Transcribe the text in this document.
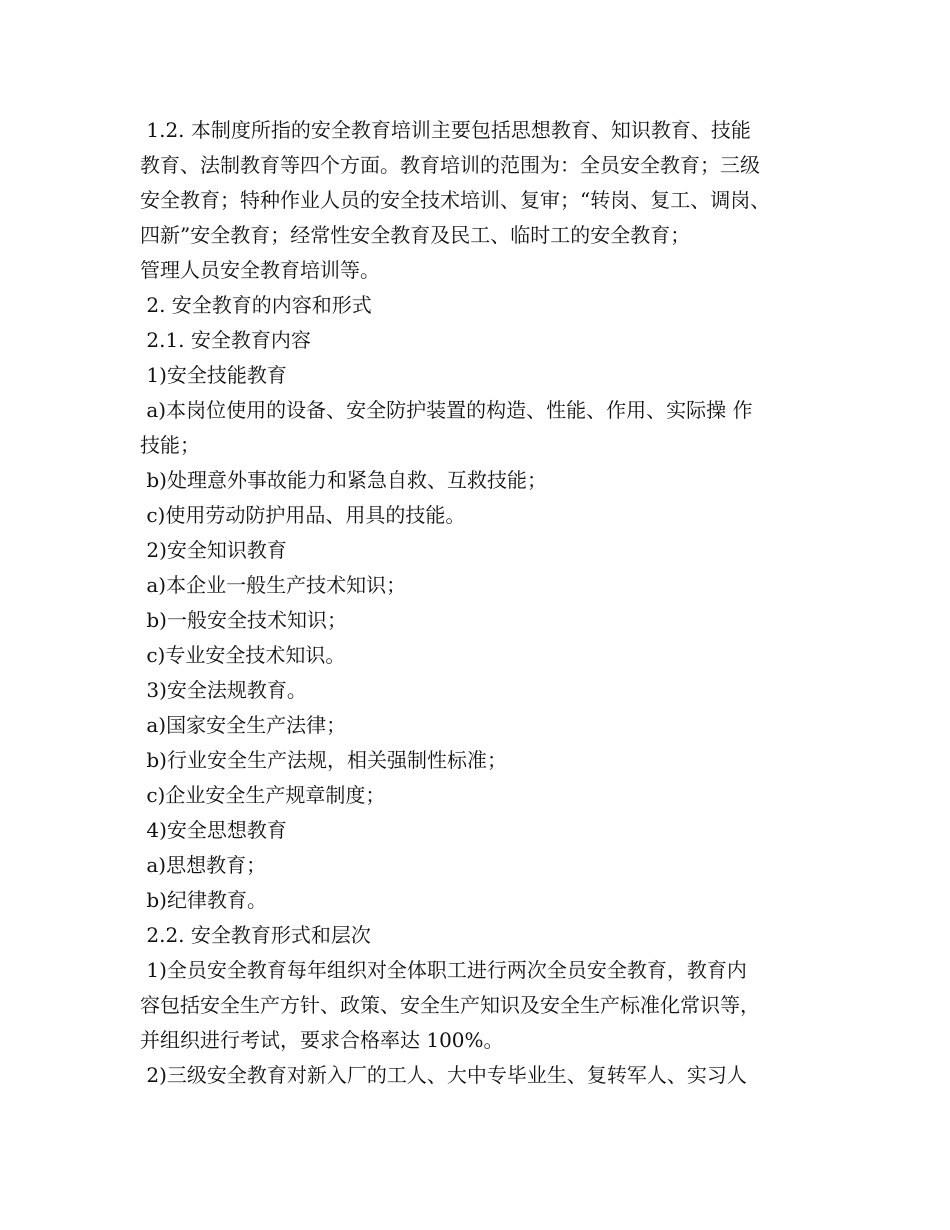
1.2. 本制度所指的安全教育培训主要包括思想教育、知识教育、技能
教育、法制教育等四个方面。教育培训的范围为：全员安全教育；三级
安全教育；特种作业人员的安全技术培训、复审；“转岗、复工、调岗、
四新”安全教育；经常性安全教育及民工、临时工的安全教育；
管理人员安全教育培训等。
2. 安全教育的内容和形式
2.1. 安全教育内容
1)安全技能教育
a)本岗位使用的设备、安全防护装置的构造、性能、作用、实际操 作
技能；
b)处理意外事故能力和紧急自救、互救技能；
c)使用劳动防护用品、用具的技能。
2)安全知识教育
a)本企业一般生产技术知识；
b)一般安全技术知识；
c)专业安全技术知识。
3)安全法规教育。
a)国家安全生产法律；
b)行业安全生产法规，相关强制性标准；
c)企业安全生产规章制度；
4)安全思想教育
a)思想教育；
b)纪律教育。
2.2. 安全教育形式和层次
1)全员安全教育每年组织对全体职工进行两次全员安全教育，教育内
容包括安全生产方针、政策、安全生产知识及安全生产标准化常识等，
并组织进行考试，要求合格率达 100%。
2)三级安全教育对新入厂的工人、大中专毕业生、复转军人、实习人
